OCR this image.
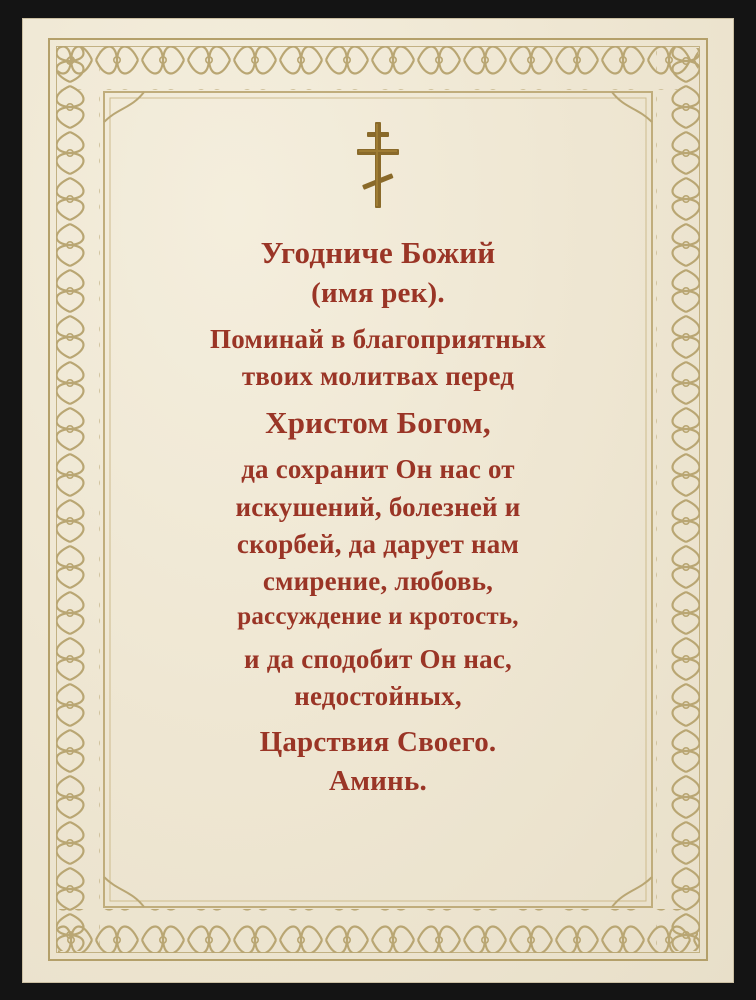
Угодниче Божий
(имя рек).
Поминай в благоприятных
твоих молитвах перед
Христом Богом,
да сохранит Он нас от
искушений, болезней и
скорбей, да дарует нам
смирение, любовь,
рассуждение и кротость,
и да сподобит Он нас,
недостойных,
Царствия Своего.
Аминь.
